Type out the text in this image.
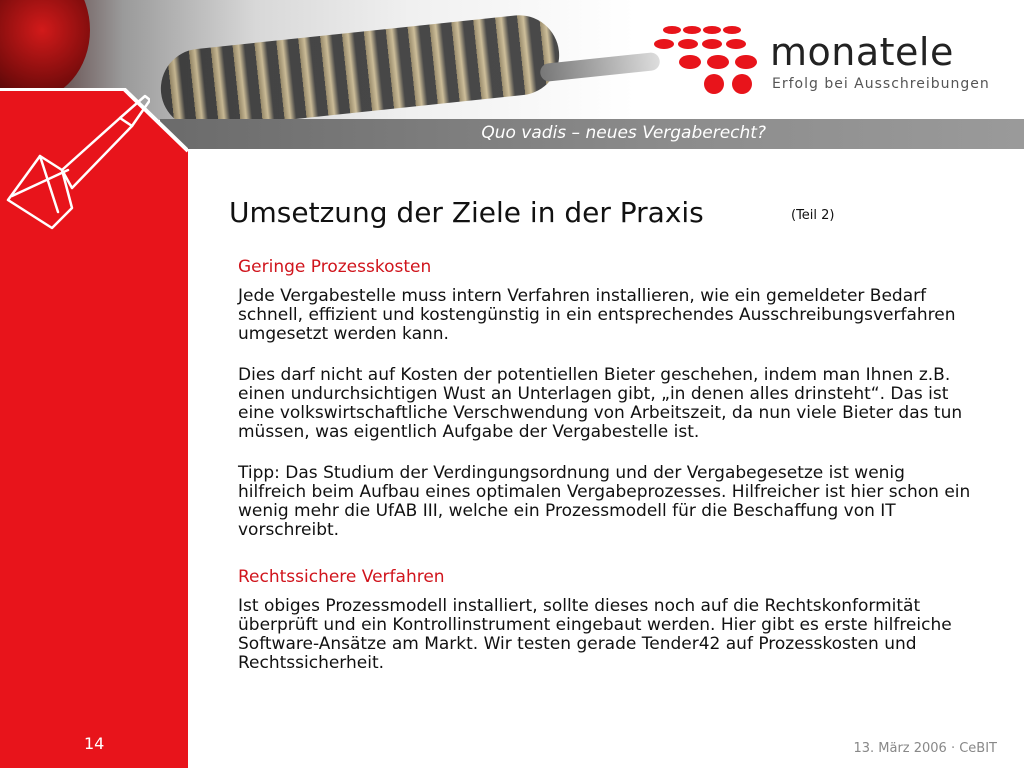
monatele
Erfolg bei Ausschreibungen
Quo vadis – neues Vergaberecht?
14
Umsetzung der Ziele in der Praxis	(Teil 2)

Geringe Prozesskosten

Jede Vergabestelle muss intern Verfahren installieren, wie ein gemeldeter Bedarf schnell, effizient und kostengünstig in ein entsprechendes Ausschreibungsverfahren umgesetzt werden kann.

Dies darf nicht auf Kosten der potentiellen Bieter geschehen, indem man Ihnen z.B. einen undurchsichtigen Wust an Unterlagen gibt, „in denen alles drinsteht“. Das ist eine volkswirtschaftliche Verschwendung von Arbeitszeit, da nun viele Bieter das tun müssen, was eigentlich Aufgabe der Vergabestelle ist.

Tipp: Das Studium der Verdingungsordnung und der Vergabegesetze ist wenig hilfreich beim Aufbau eines optimalen Vergabeprozesses. Hilfreicher ist hier schon ein wenig mehr die UfAB III, welche ein Prozessmodell für die Beschaffung von IT vorschreibt.

Rechtssichere Verfahren

Ist obiges Prozessmodell installiert, sollte dieses noch auf die Rechtskonformität überprüft und ein Kontrollinstrument eingebaut werden. Hier gibt es erste hilfreiche Software-Ansätze am Markt. Wir testen gerade Tender42 auf Prozesskosten und Rechtssicherheit.

13. März 2006 · CeBIT
